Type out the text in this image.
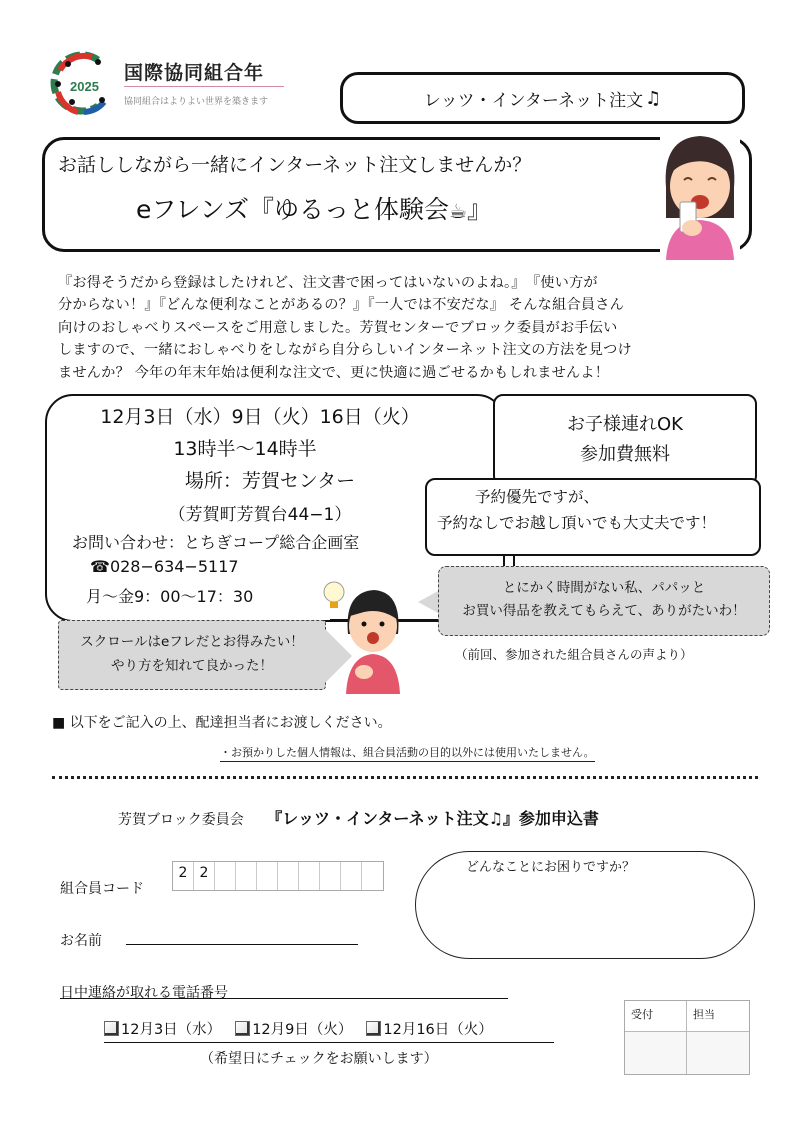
2025
国際協同組合年
協同組合はよりよい世界を築きます	レッツ・インターネット注文 ♫
お話ししながら一緒にインターネット注文しませんか？
eフレンズ『ゆるっと体験会☕』
『お得そうだから登録はしたけれど、注文書で困ってはいないのよね。』　『使い方が
分からない！』『どんな便利なことがあるの？』『一人では不安だな』 そんな組合員さん
向けのおしゃべりスペースをご用意しました。芳賀センターでブロック委員がお手伝い
しますので、一緒におしゃべりをしながら自分らしいインターネット注文の方法を見つけ
ませんか？ 今年の年末年始は便利な注文で、更に快適に過ごせるかもしれませんよ！
12月3日（水）9日（火）16日（火）
13時半〜14時半
場所：芳賀センター
（芳賀町芳賀台44−1）
お問い合わせ：とちぎコープ総合企画室
☎028−634−5117
月〜金9：00〜17：30
お子様連れOK
参加費無料
予約優先ですが、
予約なしでお越し頂いでも大丈夫です！
とにかく時間がない私、パパッと
お買い得品を教えてもらえて、ありがたいわ！
（前回、参加された組合員さんの声より）
スクロールはeフレだとお得みたい！
やり方を知れて良かった！
■ 以下をご記入の上、配達担当者にお渡しください。
・お預かりした個人情報は、組合員活動の目的以外には使用いたしません。
芳賀ブロック委員会 『レッツ・インターネット注文♫』参加申込書
組合員コード
2 2
お名前
日中連絡が取れる電話番号
どんなことにお困りですか？
12月3日（水） 12月9日（火） 12月16日（火）
（希望日にチェックをお願いします）
受付	担当
